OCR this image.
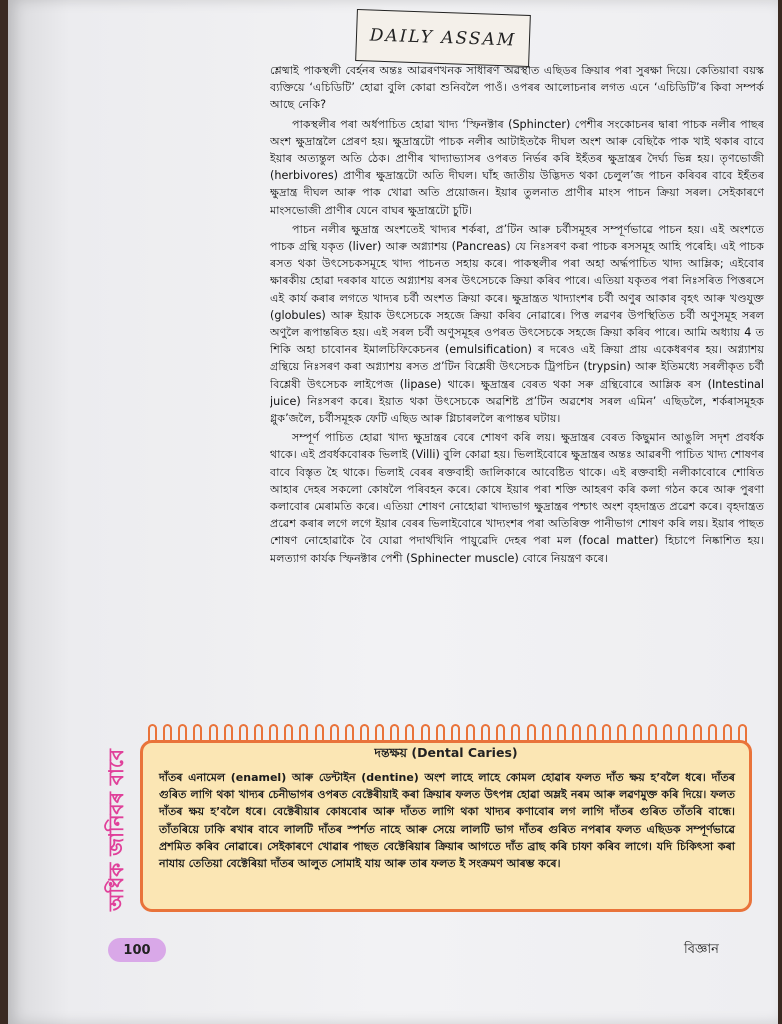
DAILY ASSAM

শ্লেষ্মাই পাকস্থলী বেৰ্হনৰ অন্তঃ আৱৰণখনক সাধাৰণ অৱস্থাত এছিডৰ ক্ৰিয়াৰ পৰা সুৰক্ষা দিয়ে। কেতিয়াবা বয়স্ক ব্যক্তিয়ে ‘এচিডিটি’ হোৱা বুলি কোৱা শুনিবলৈ পাওঁ। ওপৰৰ আলোচনাৰ লগত এনে ‘এচিডিটি’ৰ কিবা সম্পৰ্ক আছে নেকি?

পাকস্থলীৰ পৰা অৰ্ধপাচিত হোৱা খাদ্য ‘স্ফিনক্টাৰ (Sphincter) পেশীৰ সংকোচনৰ দ্বাৰা পাচক নলীৰ পাছৰ অংশ ক্ষুদ্ৰান্ত্ৰলৈ প্ৰেৰণ হয়। ক্ষুদ্ৰান্ত্ৰটো পাচক নলীৰ আটাইতকৈ দীঘল অংশ আৰু বেছিকৈ পাক খাই থকাৰ বাবে ইয়াৰ অত্যন্তুল অতি ঠেক। প্ৰাণীৰ খাদ্যাভ্যাসৰ ওপৰত নিৰ্ভৰ কৰি ইহঁতৰ ক্ষুদ্ৰান্ত্ৰৰ দৈৰ্ঘ্য ভিন্ন হয়। তৃণভোজী (herbivores) প্ৰাণীৰ ক্ষুদ্ৰান্ত্ৰটো অতি দীঘল। ঘাঁহ জাতীয় উদ্ভিদত থকা চেলুল’জ পাচন কৰিবৰ বাবে ইহঁতৰ ক্ষুদ্ৰান্ত্ৰ দীঘল আৰু পাক খোৱা অতি প্ৰয়োজন। ইয়াৰ তুলনাত প্ৰাণীৰ মাংস পাচন ক্ৰিয়া সৰল। সেইকাৰণে মাংসভোজী প্ৰাণীৰ যেনে বাঘৰ ক্ষুদ্ৰান্ত্ৰটো চুটি।

পাচন নলীৰ ক্ষুদ্ৰান্ত্ৰ অংশতেই খাদ্যৰ শৰ্কৰা, প্ৰ’টিন আৰু চৰ্বীসমূহৰ সম্পূৰ্ণভাৱে পাচন হয়। এই অংশতে পাচক গ্ৰন্থি যকৃত (liver) আৰু অগ্ন্যাশয় (Pancreas) যে নিঃসৰণ কৰা পাচক ৰসসমূহ আহি পৰেহি। এই পাচক ৰসত থকা উৎসেচকসমূহে খাদ্য পাচনত সহায় কৰে। পাকস্থলীৰ পৰা অহা অৰ্দ্ধপাচিত খাদ্য আম্লিক; এইবোৰ ক্ষাৰকীয় হোৱা দৰকাৰ যাতে অগ্ন্যাশয় ৰসৰ উৎসেচকে ক্ৰিয়া কৰিব পাৰে। এতিয়া যকৃতৰ পৰা নিঃসৰিত পিত্তৰসে এই কাৰ্য কৰাৰ লগতে খাদ্যৰ চৰ্বী অংশত ক্ৰিয়া কৰে। ক্ষুদ্ৰান্ত্ৰত খাদ্যাংশৰ চৰ্বী অণুৰ আকাৰ বৃহৎ আৰু খণ্ডযুক্ত (globules) আৰু ইয়াক উৎসেচকে সহজে ক্ৰিয়া কৰিব নোৱাৰে। পিত্ত লৱণৰ উপস্থিতিত চৰ্বী অণুসমূহ সৰল অণুলৈ ৰূপান্তৰিত হয়। এই সৰল চৰ্বী অণুসমূহৰ ওপৰত উৎসেচকে সহজে ক্ৰিয়া কৰিব পাৰে। আমি অধ্যায় 4 ত শিকি অহা চাবোনৰ ইমালচিফিকেচনৰ (emulsification) ৰ দৰেও এই ক্ৰিয়া প্ৰায় একেধৰণৰ হয়। অগ্ন্যাশয় গ্ৰন্থিয়ে নিঃসৰণ কৰা অগ্ন্যাশয় ৰসত প্ৰ’টিন বিশ্লেষী উৎসেচক ট্ৰিপচিন (trypsin) আৰু ইতিমধ্যে সৰলীকৃত চৰ্বী বিশ্লেষী উৎসেচক লাইপেজ (lipase) থাকে। ক্ষুদ্ৰান্ত্ৰৰ বেৰত থকা সৰু গ্ৰন্থিবোৰে আম্লিক ৰস (Intestinal juice) নিঃসৰণ কৰে। ইয়াত থকা উৎসেচকে অৱশিষ্ট প্ৰ’টিন অৱশেষ সৰল এমিন’ এছিডলৈ, শৰ্কৰাসমূহক গ্লুক’জলৈ, চৰ্বীসমূহক ফেটি এছিড আৰু গ্লিচাৰললৈ ৰূপান্তৰ ঘটায়।

সম্পূৰ্ণ পাচিত হোৱা খাদ্য ক্ষুদ্ৰান্ত্ৰৰ বেৰে শোষণ কৰি লয়। ক্ষুদ্ৰান্ত্ৰৰ বেৰত কিছুমান আঙুলি সদৃশ প্ৰবৰ্ধক থাকে। এই প্ৰবৰ্ধকবোৰক ভিলাই (Villi) বুলি কোৱা হয়। ভিলাইবোৰে ক্ষুদ্ৰান্ত্ৰৰ অন্তঃ আৱৰণী পাচিত খাদ্য শোষণৰ বাবে বিস্তৃত হৈ থাকে। ভিলাই বেৰৰ ৰক্তবাহী জালিকাৰে আবেষ্টিত থাকে। এই ৰক্তবাহী নলীকাবোৰে শোষিত আহাৰ দেহৰ সকলো কোষলৈ পৰিবহন কৰে। কোষে ইয়াৰ পৰা শক্তি আহৰণ কৰি কলা গঠন কৰে আৰু পুৰণা কলাবোৰ মেৰামতি কৰে। এতিয়া শোষণ নোহোৱা খাদ্যভাগ ক্ষুদ্ৰান্ত্ৰৰ পশ্চাৎ অংশ বৃহদান্ত্ৰত প্ৰৱেশ কৰে। বৃহদান্ত্ৰত প্ৰৱেশ কৰাৰ লগে লগে ইয়াৰ বেৰৰ ভিলাইবোৰে খাদ্যংশৰ পৰা অতিৰিক্ত পানীভাগ শোষণ কৰি লয়। ইয়াৰ পাছত শোষণ নোহোৱাকৈ বৈ যোৱা পদাৰ্থখিনি পায়ুৱেদি দেহৰ পৰা মল (focal matter) হিচাপে নিষ্কাশিত হয়। মলত্যাগ কাৰ্যক স্ফিনক্টাৰ পেশী (Sphinecter muscle) বোৰে নিয়ন্ত্ৰণ কৰে।

অধিক জানিবৰ বাবে	দন্তক্ষয় (Dental Caries)
দাঁতৰ এনামেল (enamel) আৰু ডেন্টাইন (dentine) অংশ লাহে লাহে কোমল হোৱাৰ ফলত দাঁত ক্ষয় হ’বলৈ ধৰে। দাঁতৰ গুৰিত লাগি থকা খাদ্যৰ চেনীভাগৰ ওপৰত বেক্টেৰীয়াই কৰা ক্ৰিয়াৰ ফলত উৎপন্ন হোৱা অম্লই নৰম আৰু লৱণমুক্ত কৰি দিয়ে। ফলত দাঁতৰ ক্ষয় হ’বলৈ ধৰে। বেক্টেৰীয়াৰ কোষবোৰ আৰু দাঁতত লাগি থকা খাদ্যৰ কণাবোৰ লগ লাগি দাঁতৰ গুৰিত তাঁতৰি বান্ধে। তাঁতৰিয়ে ঢাকি ৰখাৰ বাবে লালটি দাঁতৰ স্পৰ্শত নাহে আৰু সেয়ে লালটি ভাগ দাঁতৰ গুৰিত নপৰাৰ ফলত এছিডক সম্পূৰ্ণভাৱে প্ৰশমিত কৰিব নোৱাৰে। সেইকাৰণে খোৱাৰ পাছত বেক্টেৰিয়াৰ ক্ৰিয়াৰ আগতে দাঁত ব্ৰাছ কৰি চাফা কৰিব লাগে। যদি চিকিৎসা কৰা নাযায় তেতিয়া বেক্টেৰিয়া দাঁতৰ আলুত সোমাই যায় আৰু তাৰ ফলত ই সংক্ৰমণ আৰম্ভ কৰে।
100	বিজ্ঞান
